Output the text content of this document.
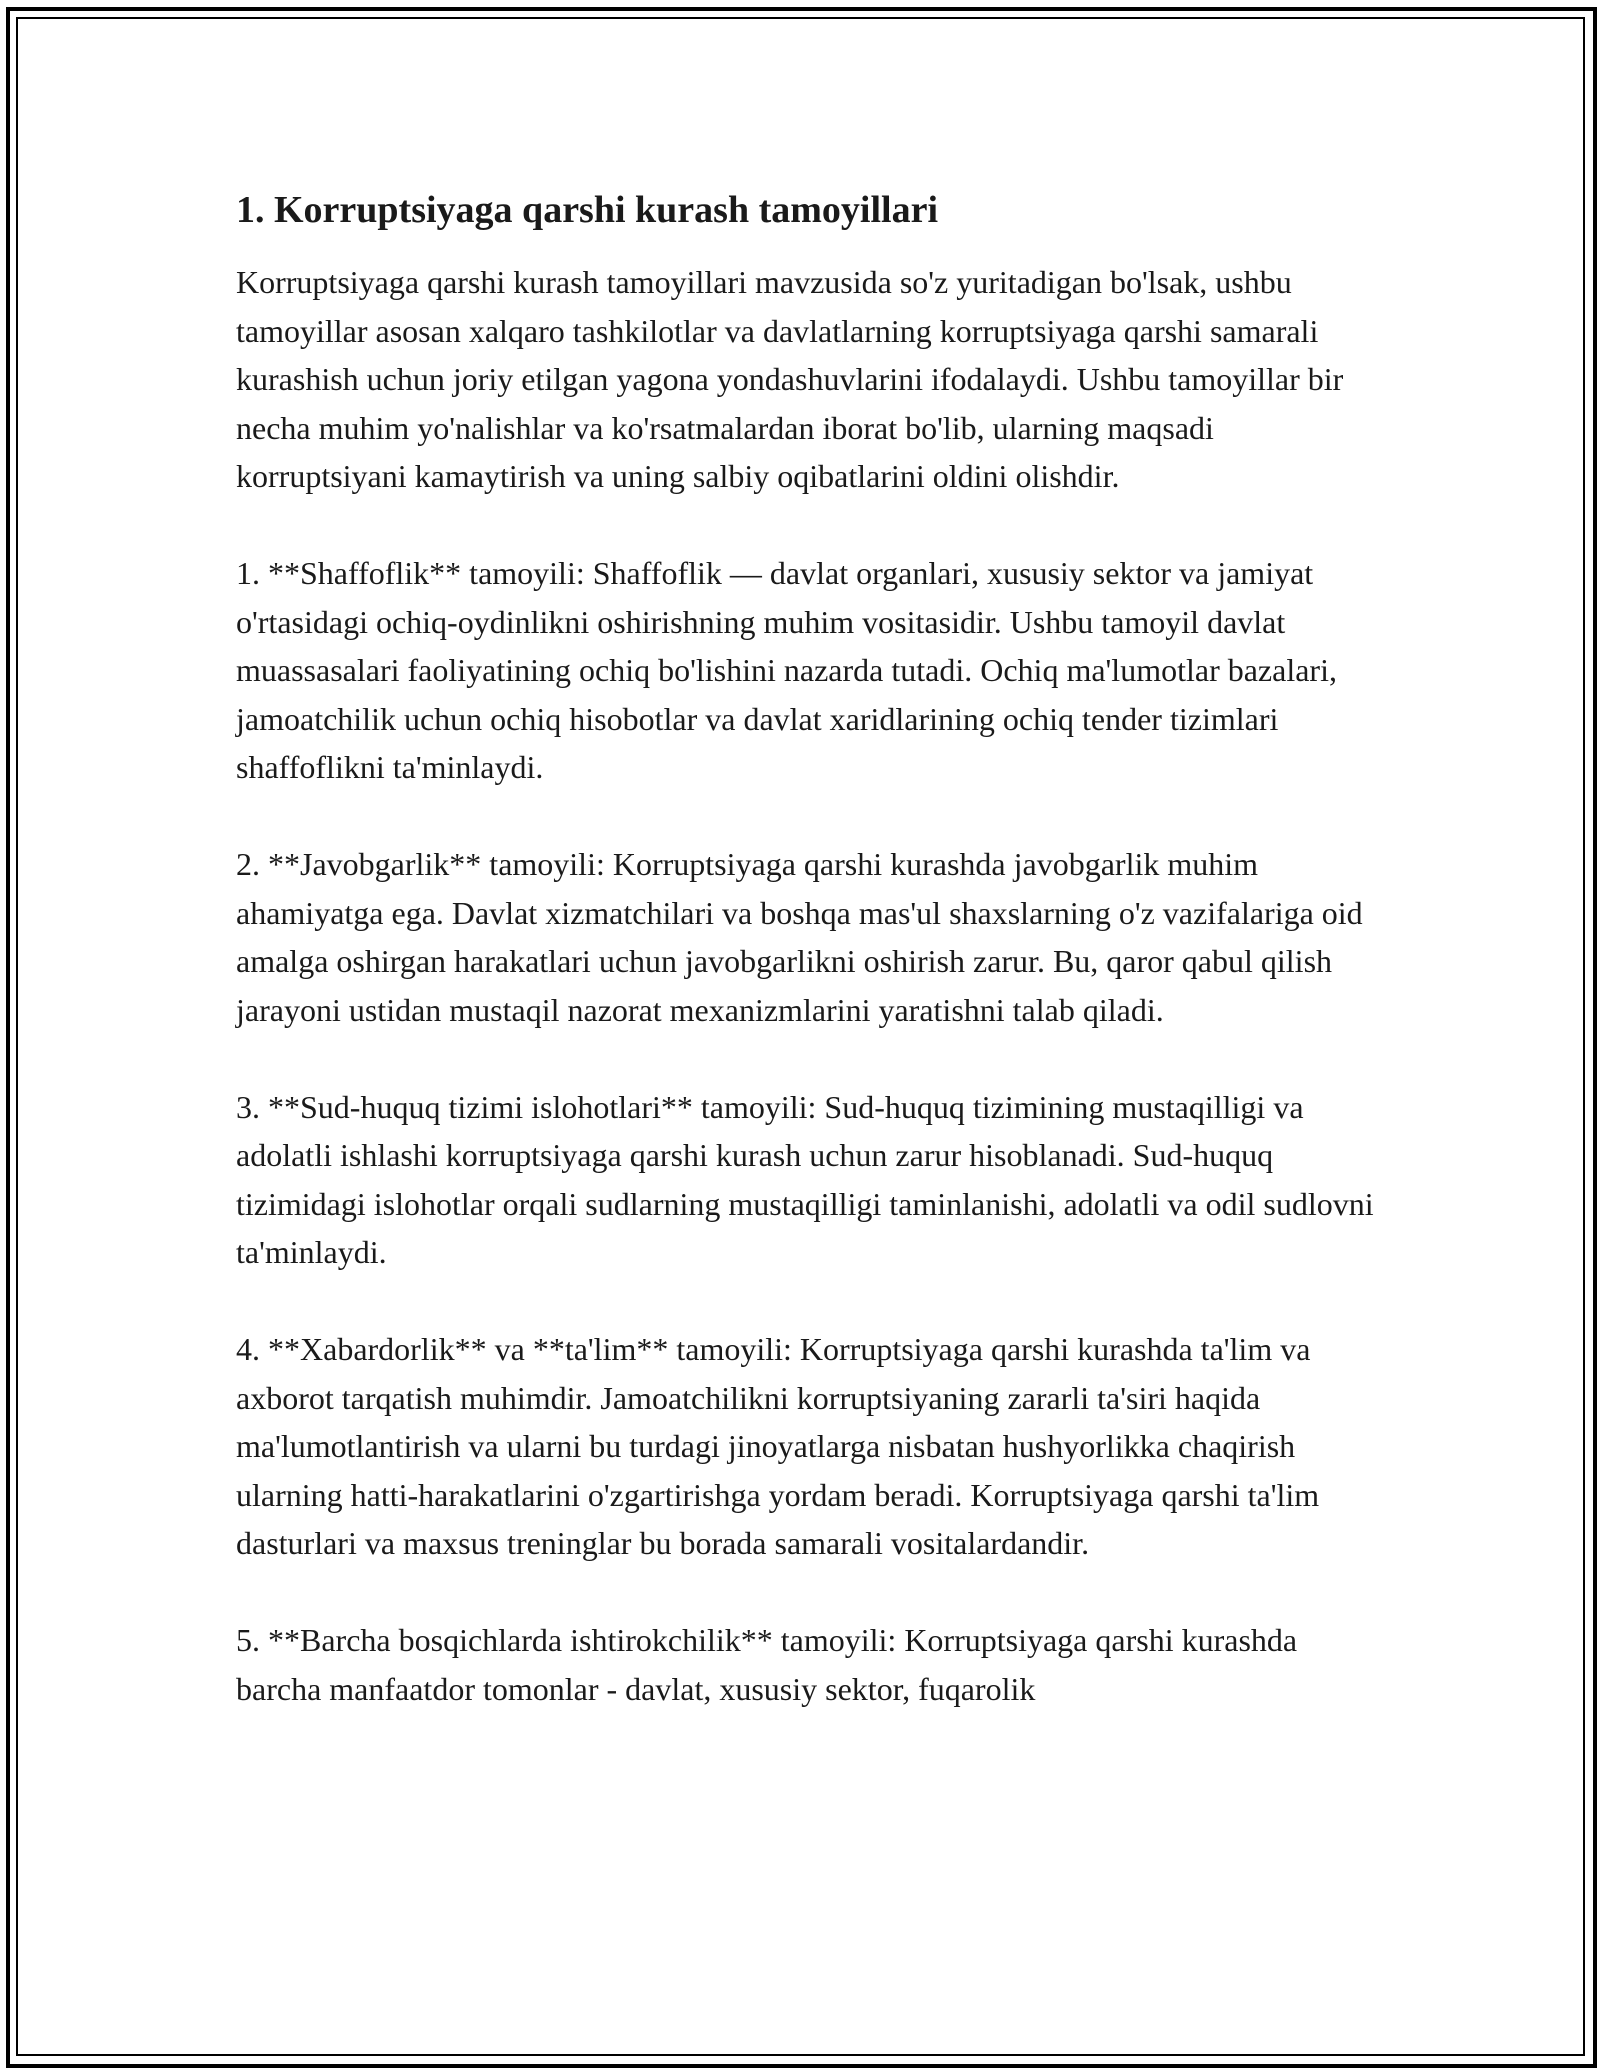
1. Korruptsiyaga qarshi kurash tamoyillari

Korruptsiyaga qarshi kurash tamoyillari mavzusida so'z yuritadigan bo'lsak, ushbu tamoyillar asosan xalqaro tashkilotlar va davlatlarning korruptsiyaga qarshi samarali kurashish uchun joriy etilgan yagona yondashuvlarini ifodalaydi. Ushbu tamoyillar bir necha muhim yo'nalishlar va ko'rsatmalardan iborat bo'lib, ularning maqsadi korruptsiyani kamaytirish va uning salbiy oqibatlarini oldini olishdir.

1. **Shaffoflik** tamoyili: Shaffoflik — davlat organlari, xususiy sektor va jamiyat o'rtasidagi ochiq-oydinlikni oshirishning muhim vositasidir. Ushbu tamoyil davlat muassasalari faoliyatining ochiq bo'lishini nazarda tutadi. Ochiq ma'lumotlar bazalari, jamoatchilik uchun ochiq hisobotlar va davlat xaridlarining ochiq tender tizimlari shaffoflikni ta'minlaydi.

2. **Javobgarlik** tamoyili: Korruptsiyaga qarshi kurashda javobgarlik muhim ahamiyatga ega. Davlat xizmatchilari va boshqa mas'ul shaxslarning o'z vazifalariga oid amalga oshirgan harakatlari uchun javobgarlikni oshirish zarur. Bu, qaror qabul qilish jarayoni ustidan mustaqil nazorat mexanizmlarini yaratishni talab qiladi.

3. **Sud-huquq tizimi islohotlari** tamoyili: Sud-huquq tizimining mustaqilligi va adolatli ishlashi korruptsiyaga qarshi kurash uchun zarur hisoblanadi. Sud-huquq tizimidagi islohotlar orqali sudlarning mustaqilligi taminlanishi, adolatli va odil sudlovni ta'minlaydi.

4. **Xabardorlik** va **ta'lim** tamoyili: Korruptsiyaga qarshi kurashda ta'lim va axborot tarqatish muhimdir. Jamoatchilikni korruptsiyaning zararli ta'siri haqida ma'lumotlantirish va ularni bu turdagi jinoyatlarga nisbatan hushyorlikka chaqirish ularning hatti-harakatlarini o'zgartirishga yordam beradi. Korruptsiyaga qarshi ta'lim dasturlari va maxsus treninglar bu borada samarali vositalardandir.

5. **Barcha bosqichlarda ishtirokchilik** tamoyili: Korruptsiyaga qarshi kurashda barcha manfaatdor tomonlar - davlat, xususiy sektor, fuqarolik
